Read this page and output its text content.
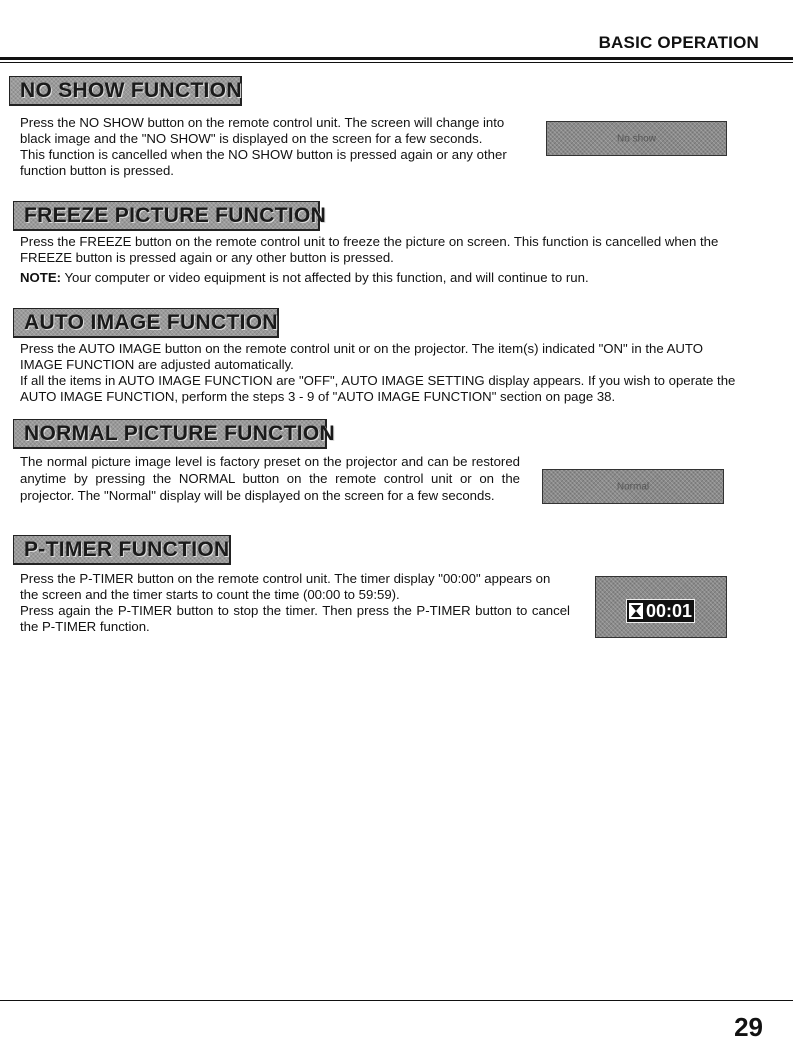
BASIC OPERATION
NO SHOW FUNCTION
Press the NO SHOW button on the remote control unit. The screen will change into
black image and the "NO SHOW" is displayed on the screen for a few seconds.
This function is cancelled when the NO SHOW button is pressed again or any other
function button is pressed.
No show
FREEZE PICTURE FUNCTION

Press the FREEZE button on the remote control unit to freeze the picture on screen. This function is cancelled when the FREEZE button is pressed again or any other button is pressed.

NOTE: Your computer or video equipment is not affected by this function, and will continue to run.

AUTO IMAGE FUNCTION

Press the AUTO IMAGE button on the remote control unit or on the projector. The item(s) indicated "ON" in the AUTO IMAGE FUNCTION are adjusted automatically.

If all the items in AUTO IMAGE FUNCTION are "OFF", AUTO IMAGE SETTING display appears. If you wish to operate the AUTO IMAGE FUNCTION, perform the steps 3 - 9 of "AUTO IMAGE FUNCTION" section on page 38.

NORMAL PICTURE FUNCTION

The normal picture image level is factory preset on the projector and can be restored anytime by pressing the NORMAL button on the remote control unit or on the projector. The "Normal" display will be displayed on the screen for a few seconds.

Normal
P-TIMER FUNCTION

Press the P-TIMER button on the remote control unit. The timer display "00:00" appears on the screen and the timer starts to count the time (00:00 to 59:59).

Press again the P-TIMER button to stop the timer. Then press the P-TIMER button to cancel the P-TIMER function.

00:01
29
